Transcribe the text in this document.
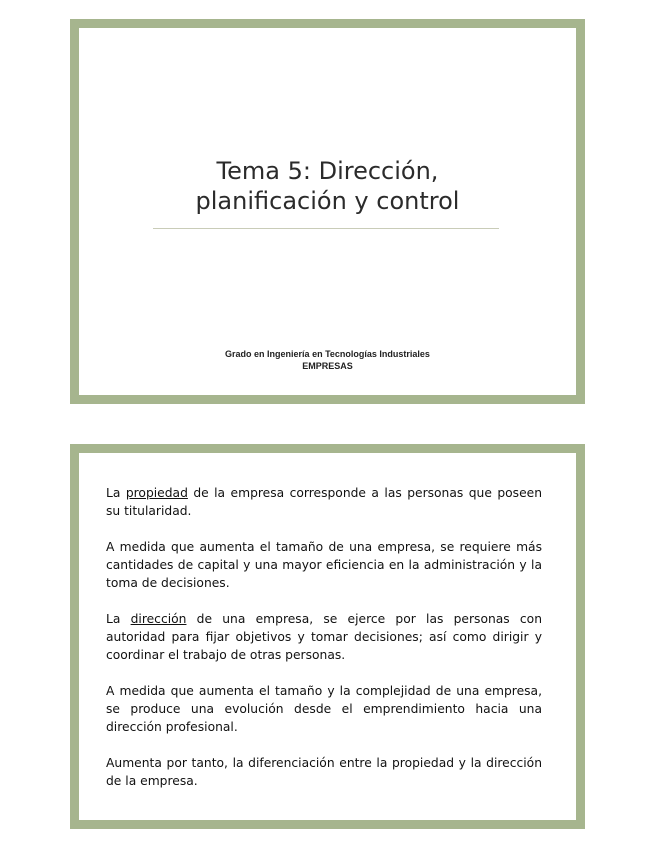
Tema 5: Dirección,
planificación y control
Grado en Ingeniería en Tecnologías Industriales
EMPRESAS

La propiedad de la empresa corresponde a las personas que poseen su titularidad.

A medida que aumenta el tamaño de una empresa, se requiere más cantidades de capital y una mayor eficiencia en la administración y la toma de decisiones.

La dirección de una empresa, se ejerce por las personas con autoridad para fijar objetivos y tomar decisiones; así como dirigir y coordinar el trabajo de otras personas.

A medida que aumenta el tamaño y la complejidad de una empresa, se produce una evolución desde el emprendimiento hacia una dirección profesional.

Aumenta por tanto, la diferenciación entre la propiedad y la dirección de la empresa.
